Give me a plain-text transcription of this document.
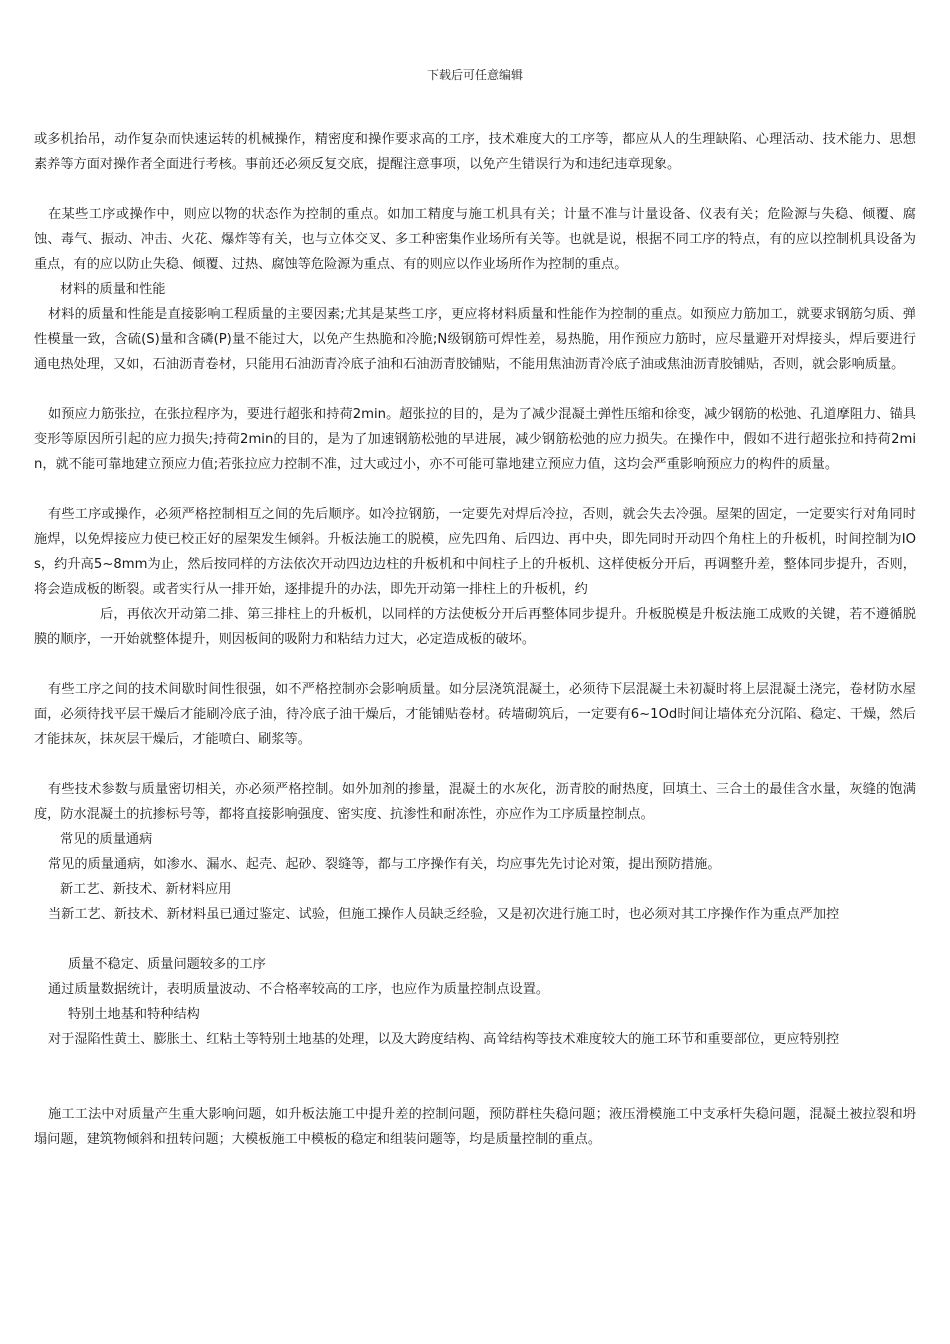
下载后可任意编辑

或多机抬吊，动作复杂而快速运转的机械操作，精密度和操作要求高的工序，技术难度大的工序等，都应从人的生理缺陷、心理活动、技术能力、思想素养等方面对操作者全面进行考核。事前还必须反复交底，提醒注意事项，以免产生错误行为和违纪违章现象。

在某些工序或操作中，则应以物的状态作为控制的重点。如加工精度与施工机具有关；计量不准与计量设备、仪表有关；危险源与失稳、倾覆、腐蚀、毒气、振动、冲击、火花、爆炸等有关，也与立体交叉、多工种密集作业场所有关等。也就是说，根据不同工序的特点，有的应以控制机具设备为重点，有的应以防止失稳、倾覆、过热、腐蚀等危险源为重点、有的则应以作业场所作为控制的重点。

材料的质量和性能

材料的质量和性能是直接影响工程质量的主要因素;尤其是某些工序，更应将材料质量和性能作为控制的重点。如预应力筋加工，就要求钢筋匀质、弹性模量一致，含硫(S)量和含磷(P)量不能过大，以免产生热脆和冷脆;N级钢筋可焊性差，易热脆，用作预应力筋时，应尽量避开对焊接头，焊后要进行通电热处理，又如，石油沥青卷材，只能用石油沥青冷底子油和石油沥青胶铺贴，不能用焦油沥青冷底子油或焦油沥青胶铺贴，否则，就会影响质量。

如预应力筋张拉，在张拉程序为，要进行超张和持荷2min。超张拉的目的，是为了减少混凝土弹性压缩和徐变，减少钢筋的松弛、孔道摩阻力、锚具变形等原因所引起的应力损失;持荷2min的目的，是为了加速钢筋松弛的早进展，减少钢筋松弛的应力损失。在操作中，假如不进行超张拉和持荷2min，就不能可靠地建立预应力值;若张拉应力控制不准，过大或过小，亦不可能可靠地建立预应力值，这均会严重影响预应力的构件的质量。

有些工序或操作，必须严格控制相互之间的先后顺序。如冷拉钢筋，一定要先对焊后冷拉，否则，就会失去冷强。屋架的固定，一定要实行对角同时施焊，以免焊接应力使已校正好的屋架发生倾斜。升板法施工的脱模，应先四角、后四边、再中央，即先同时开动四个角柱上的升板机，时间控制为IOs，约升高5~8mm为止，然后按同样的方法依次开动四边边柱的升板机和中间柱子上的升板机、这样使板分开后，再调整升差，整体同步提升，否则，将会造成板的断裂。或者实行从一排开始，逐排提升的办法，即先开动第一排柱上的升板机，约

后，再依次开动第二排、第三排柱上的升板机，以同样的方法使板分开后再整体同步提升。升板脱模是升板法施工成败的关键，若不遵循脱膜的顺序，一开始就整体提升，则因板间的吸附力和粘结力过大，必定造成板的破坏。

有些工序之间的技术间歇时间性很强，如不严格控制亦会影响质量。如分层浇筑混凝土，必须待下层混凝土未初凝时将上层混凝土浇完，卷材防水屋面，必须待找平层干燥后才能刷冷底子油，待冷底子油干燥后，才能铺贴卷材。砖墙砌筑后，一定要有6~1Od时间让墙体充分沉陷、稳定、干燥，然后才能抹灰，抹灰层干燥后，才能喷白、刷浆等。

有些技术参数与质量密切相关，亦必须严格控制。如外加剂的掺量，混凝土的水灰化，沥青胶的耐热度，回填土、三合土的最佳含水量，灰缝的饱满度，防水混凝土的抗掺标号等，都将直接影响强度、密实度、抗渗性和耐冻性，亦应作为工序质量控制点。

常见的质量通病

常见的质量通病，如渗水、漏水、起壳、起砂、裂缝等，都与工序操作有关，均应事先先讨论对策，提出预防措施。

新工艺、新技术、新材料应用

当新工艺、新技术、新材料虽已通过鉴定、试验，但施工操作人员缺乏经验，又是初次进行施工时，也必须对其工序操作作为重点严加控

质量不稳定、质量问题较多的工序

通过质量数据统计，表明质量波动、不合格率较高的工序，也应作为质量控制点设置。

特别土地基和特种结构

对于湿陷性黄土、膨胀土、红粘土等特别土地基的处理，以及大跨度结构、高耸结构等技术难度较大的施工环节和重要部位，更应特别控

施工工法中对质量产生重大影响问题，如升板法施工中提升差的控制问题，预防群柱失稳问题；液压滑模施工中支承杆失稳问题，混凝土被拉裂和坍塌问题，建筑物倾斜和扭转问题；大模板施工中模板的稳定和组装问题等，均是质量控制的重点。
